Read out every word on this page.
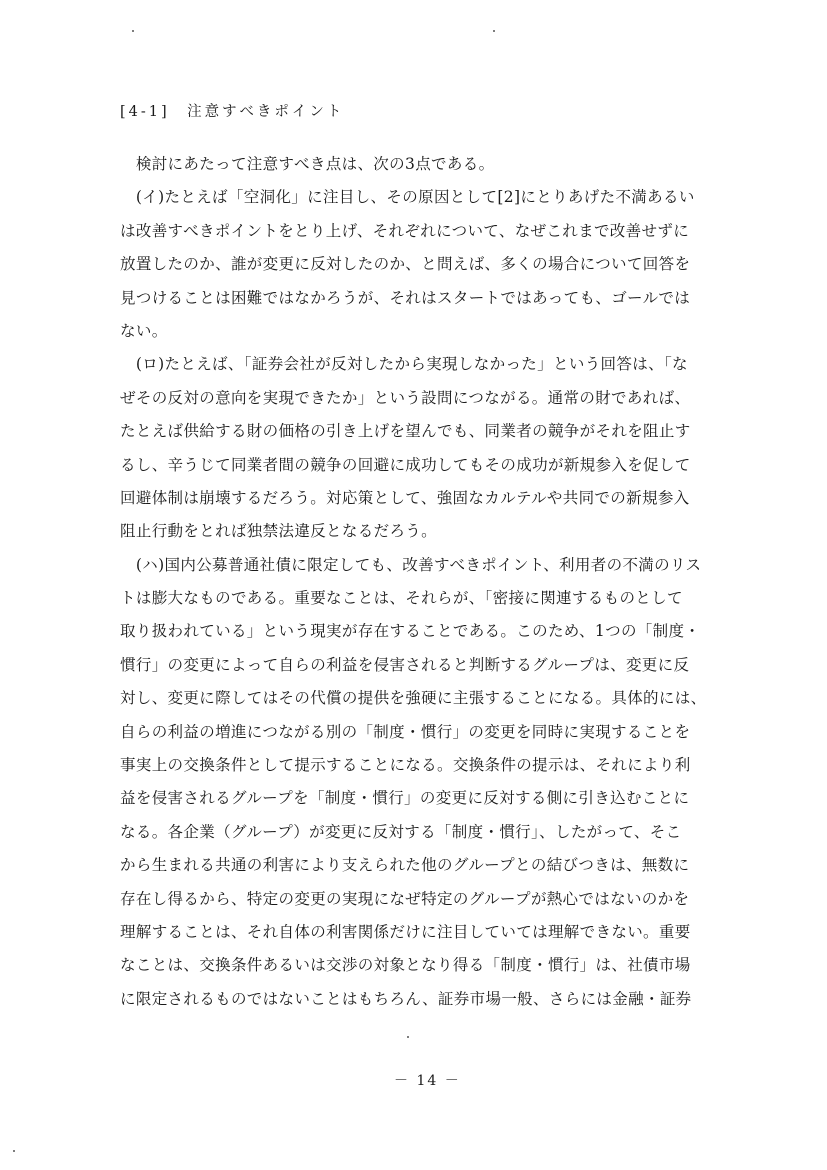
[4-1]　注意すべきポイント
　検討にあたって注意すべき点は、次の3点である。
　(イ)たとえば「空洞化」に注目し、その原因として[2]にとりあげた不満あるい
は改善すべきポイントをとり上げ、それぞれについて、なぜこれまで改善せずに
放置したのか、誰が変更に反対したのか、と問えば、多くの場合について回答を
見つけることは困難ではなかろうが、それはスタートではあっても、ゴールでは
ない。
　(ロ)たとえば、「証券会社が反対したから実現しなかった」という回答は、「な
ぜその反対の意向を実現できたか」という設問につながる。通常の財であれば、
たとえば供給する財の価格の引き上げを望んでも、同業者の競争がそれを阻止す
るし、辛うじて同業者間の競争の回避に成功してもその成功が新規参入を促して
回避体制は崩壊するだろう。対応策として、強固なカルテルや共同での新規参入
阻止行動をとれば独禁法違反となるだろう。
　(ハ)国内公募普通社債に限定しても、改善すべきポイント、利用者の不満のリス
トは膨大なものである。重要なことは、それらが、「密接に関連するものとして
取り扱われている」という現実が存在することである。このため、1つの「制度・
慣行」の変更によって自らの利益を侵害されると判断するグループは、変更に反
対し、変更に際してはその代償の提供を強硬に主張することになる。具体的には、
自らの利益の増進につながる別の「制度・慣行」の変更を同時に実現することを
事実上の交換条件として提示することになる。交換条件の提示は、それにより利
益を侵害されるグループを「制度・慣行」の変更に反対する側に引き込むことに
なる。各企業（グループ）が変更に反対する「制度・慣行」、したがって、そこ
から生まれる共通の利害により支えられた他のグループとの結びつきは、無数に
存在し得るから、特定の変更の実現になぜ特定のグループが熱心ではないのかを
理解することは、それ自体の利害関係だけに注目していては理解できない。重要
なことは、交換条件あるいは交渉の対象となり得る「制度・慣行」は、社債市場
に限定されるものではないことはもちろん、証券市場一般、さらには金融・証券
－ 14 －
